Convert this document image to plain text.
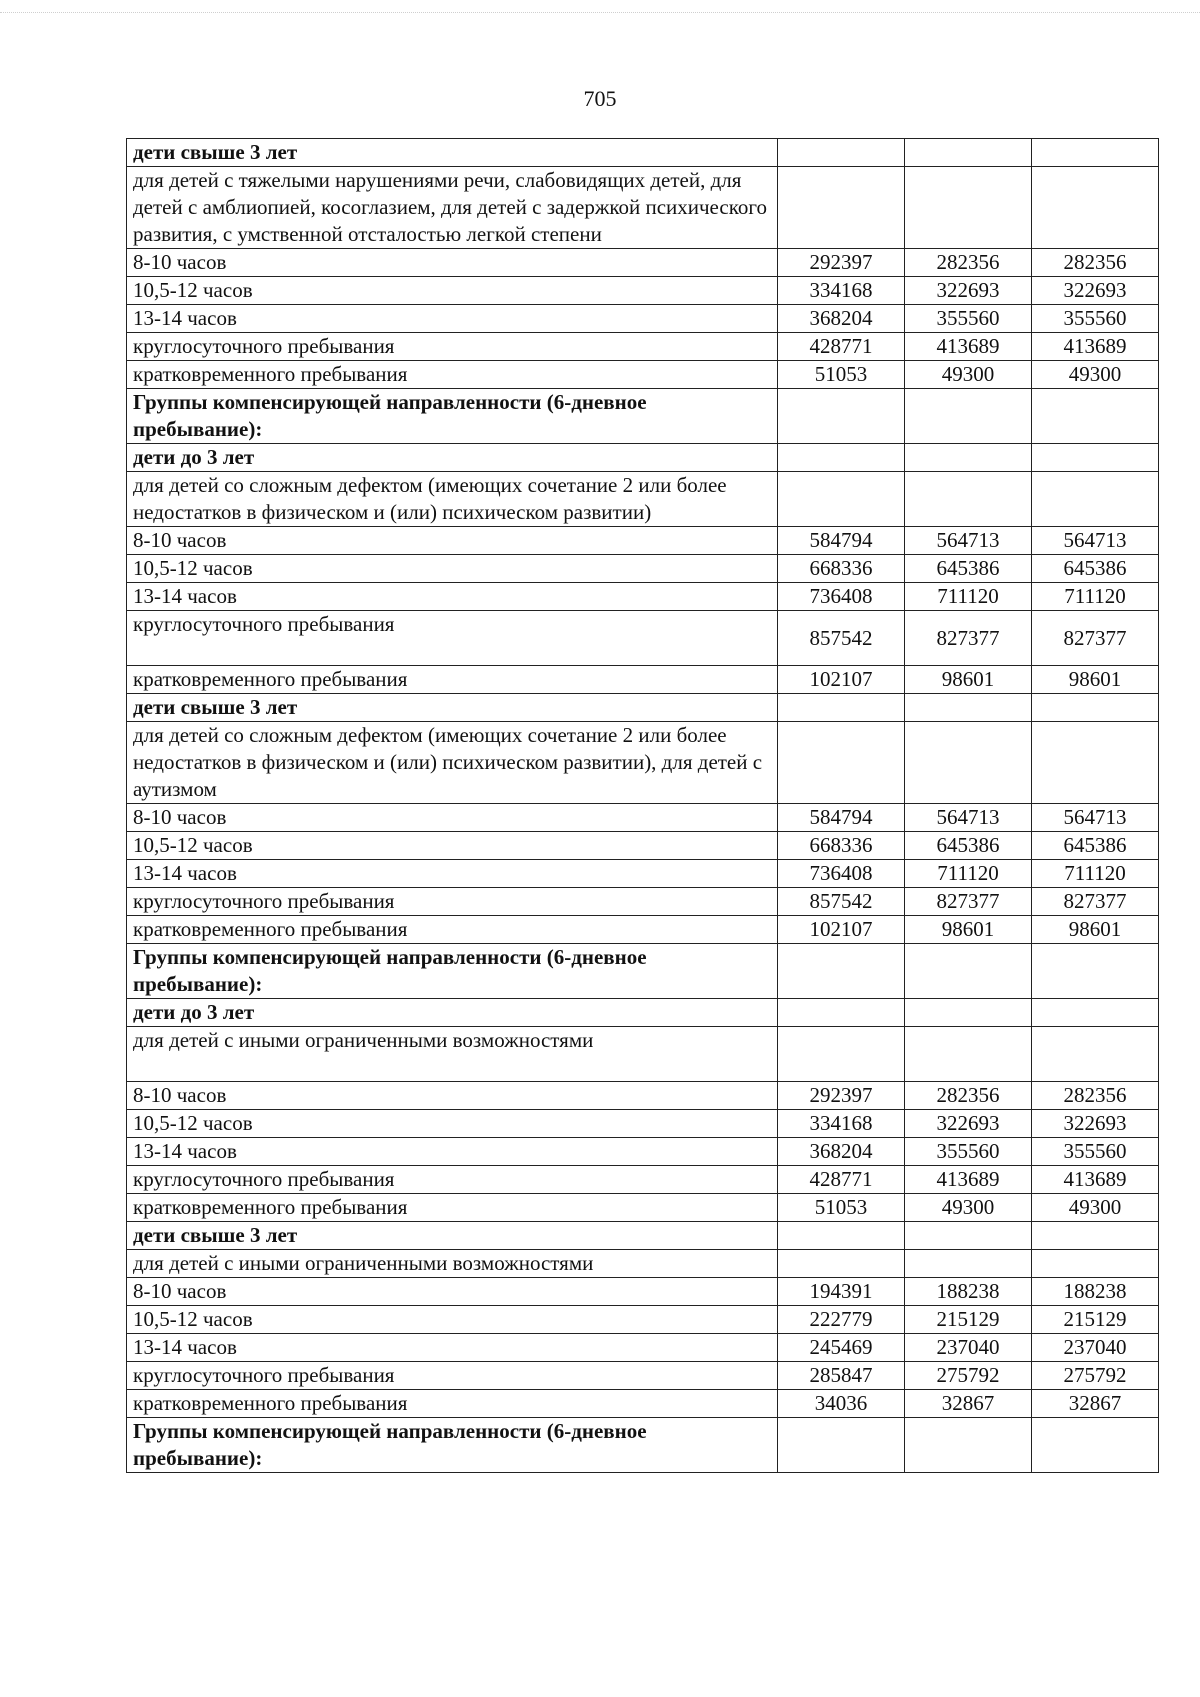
705
дети свыше 3 лет			
для детей с тяжелыми нарушениями речи, слабовидящих детей, для детей с амблиопией, косоглазием, для детей с задержкой психического развития, с умственной отсталостью легкой степени			
8-10 часов	292397	282356	282356
10,5-12 часов	334168	322693	322693
13-14 часов	368204	355560	355560
круглосуточного пребывания	428771	413689	413689
кратковременного пребывания	51053	49300	49300
Группы компенсирующей направленности (6-дневное пребывание):			
дети до 3 лет			
для детей со сложным дефектом (имеющих сочетание 2 или более недостатков в физическом и (или) психическом развитии)			
8-10 часов	584794	564713	564713
10,5-12 часов	668336	645386	645386
13-14 часов	736408	711120	711120
круглосуточного пребывания	857542	827377	827377
кратковременного пребывания	102107	98601	98601
дети свыше 3 лет			
для детей со сложным дефектом (имеющих сочетание 2 или более недостатков в физическом и (или) психическом развитии), для детей с аутизмом			
8-10 часов	584794	564713	564713
10,5-12 часов	668336	645386	645386
13-14 часов	736408	711120	711120
круглосуточного пребывания	857542	827377	827377
кратковременного пребывания	102107	98601	98601
Группы компенсирующей направленности (6-дневное пребывание):			
дети до 3 лет			
для детей с иными ограниченными возможностями			
8-10 часов	292397	282356	282356
10,5-12 часов	334168	322693	322693
13-14 часов	368204	355560	355560
круглосуточного пребывания	428771	413689	413689
кратковременного пребывания	51053	49300	49300
дети свыше 3 лет			
для детей с иными ограниченными возможностями			
8-10 часов	194391	188238	188238
10,5-12 часов	222779	215129	215129
13-14 часов	245469	237040	237040
круглосуточного пребывания	285847	275792	275792
кратковременного пребывания	34036	32867	32867
Группы компенсирующей направленности (6-дневное пребывание):			
